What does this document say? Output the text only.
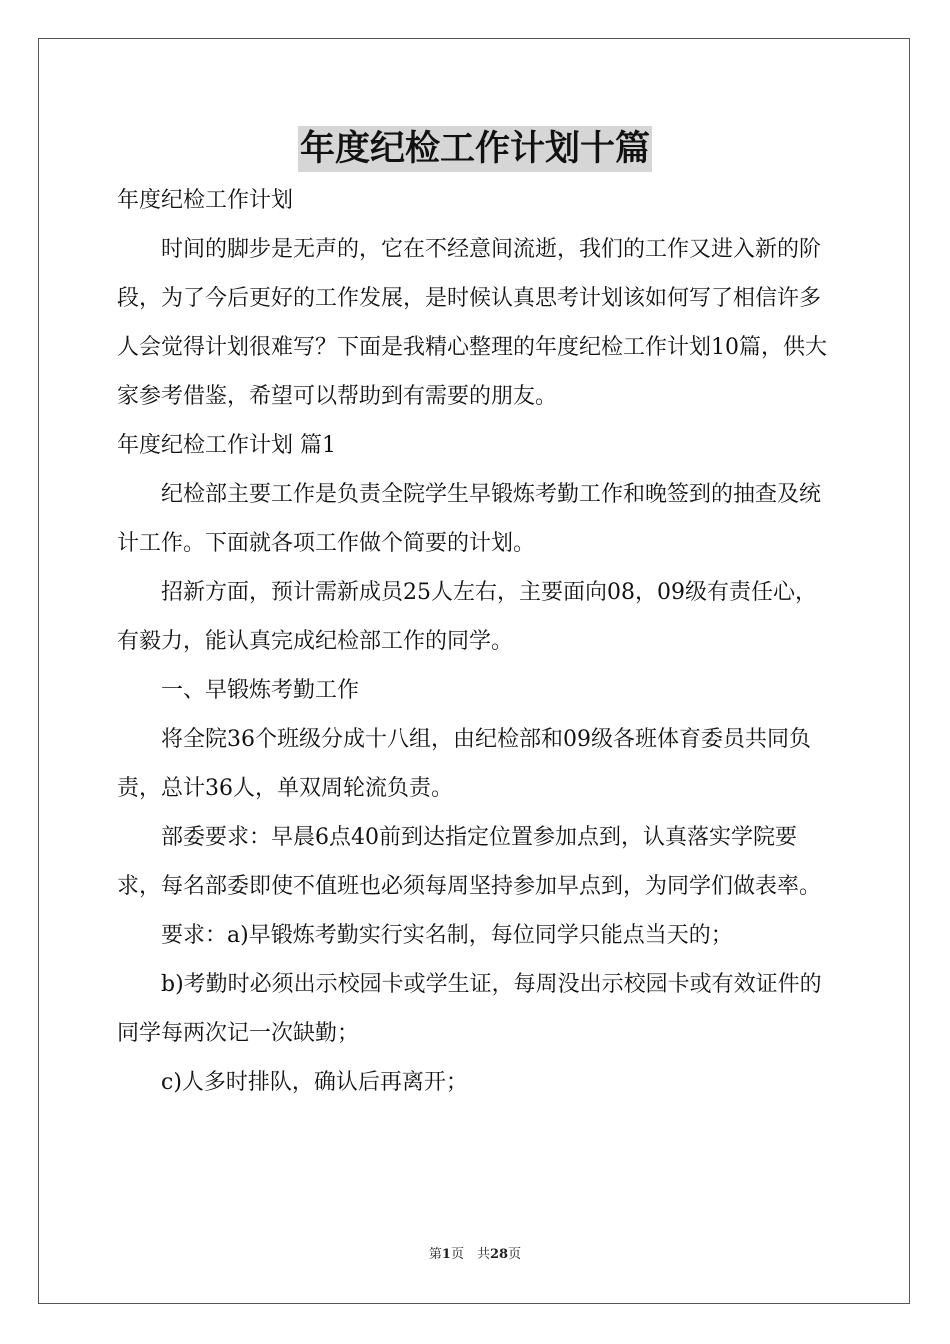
年度纪检工作计划十篇

年度纪检工作计划

时间的脚步是无声的，它在不经意间流逝，我们的工作又进入新的阶段，为了今后更好的工作发展，是时候认真思考计划该如何写了相信许多人会觉得计划很难写？下面是我精心整理的年度纪检工作计划10篇，供大家参考借鉴，希望可以帮助到有需要的朋友。

年度纪检工作计划 篇1

纪检部主要工作是负责全院学生早锻炼考勤工作和晚签到的抽查及统计工作。下面就各项工作做个简要的计划。

招新方面，预计需新成员25人左右，主要面向08，09级有责任心，有毅力，能认真完成纪检部工作的同学。

一、早锻炼考勤工作

将全院36个班级分成十八组，由纪检部和09级各班体育委员共同负责，总计36人，单双周轮流负责。

部委要求：早晨6点40前到达指定位置参加点到，认真落实学院要求，每名部委即使不值班也必须每周坚持参加早点到，为同学们做表率。

要求：a)早锻炼考勤实行实名制，每位同学只能点当天的；

b)考勤时必须出示校园卡或学生证，每周没出示校园卡或有效证件的同学每两次记一次缺勤；

c)人多时排队，确认后再离开；

第1页　共28页
